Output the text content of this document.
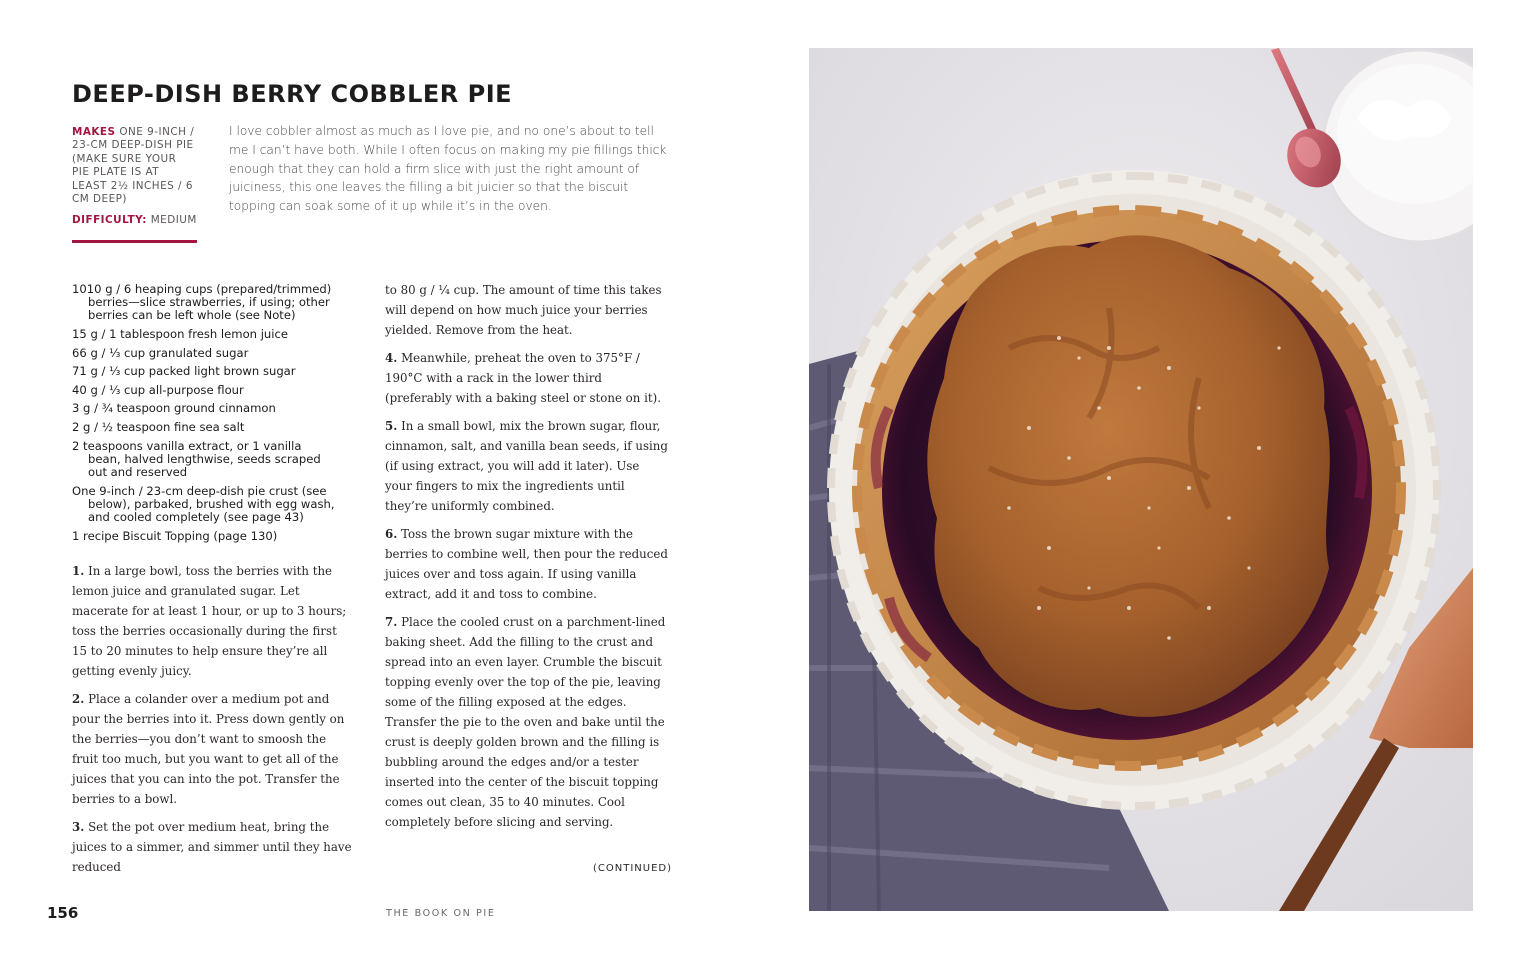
DEEP-DISH BERRY COBBLER PIE
MAKES ONE 9-INCH / 23-CM DEEP-DISH PIE (MAKE SURE YOUR PIE PLATE IS AT LEAST 2½ INCHES / 6 CM DEEP)
DIFFICULTY: MEDIUM
I love cobbler almost as much as I love pie, and no one’s about to tell me I can’t have both. While I often focus on making my pie fillings thick enough that they can hold a firm slice with just the right amount of juiciness, this one leaves the filling a bit juicier so that the biscuit topping can soak some of it up while it’s in the oven.
1010 g / 6 heaping cups (prepared/trimmed) berries—slice strawberries, if using; other berries can be left whole (see Note)
15 g / 1 tablespoon fresh lemon juice
66 g / ⅓ cup granulated sugar
71 g / ⅓ cup packed light brown sugar
40 g / ⅓ cup all-purpose flour
3 g / ¾ teaspoon ground cinnamon
2 g / ½ teaspoon fine sea salt
2 teaspoons vanilla extract, or 1 vanilla bean, halved lengthwise, seeds scraped out and reserved
One 9-inch / 23-cm deep-dish pie crust (see below), parbaked, brushed with egg wash, and cooled completely (see page 43)
1 recipe Biscuit Topping (page 130)

1. In a large bowl, toss the berries with the lemon juice and granulated sugar. Let macerate for at least 1 hour, or up to 3 hours; toss the berries occasionally during the first 15 to 20 minutes to help ensure they’re all getting evenly juicy.

2. Place a colander over a medium pot and pour the berries into it. Press down gently on the berries—you don’t want to smoosh the fruit too much, but you want to get all of the juices that you can into the pot. Transfer the berries to a bowl.

3. Set the pot over medium heat, bring the juices to a simmer, and simmer until they have reduced

to 80 g / ¼ cup. The amount of time this takes will depend on how much juice your berries yielded. Remove from the heat.

4. Meanwhile, preheat the oven to 375°F / 190°C with a rack in the lower third (preferably with a baking steel or stone on it).

5. In a small bowl, mix the brown sugar, flour, cinnamon, salt, and vanilla bean seeds, if using (if using extract, you will add it later). Use your fingers to mix the ingredients until they’re uniformly combined.

6. Toss the brown sugar mixture with the berries to combine well, then pour the reduced juices over and toss again. If using vanilla extract, add it and toss to combine.

7. Place the cooled crust on a parchment-lined baking sheet. Add the filling to the crust and spread into an even layer. Crumble the biscuit topping evenly over the top of the pie, leaving some of the filling exposed at the edges. Transfer the pie to the oven and bake until the crust is deeply golden brown and the filling is bubbling around the edges and/or a tester inserted into the center of the biscuit topping comes out clean, 35 to 40 minutes. Cool completely before slicing and serving.

(CONTINUED)
156	THE BOOK ON PIE
